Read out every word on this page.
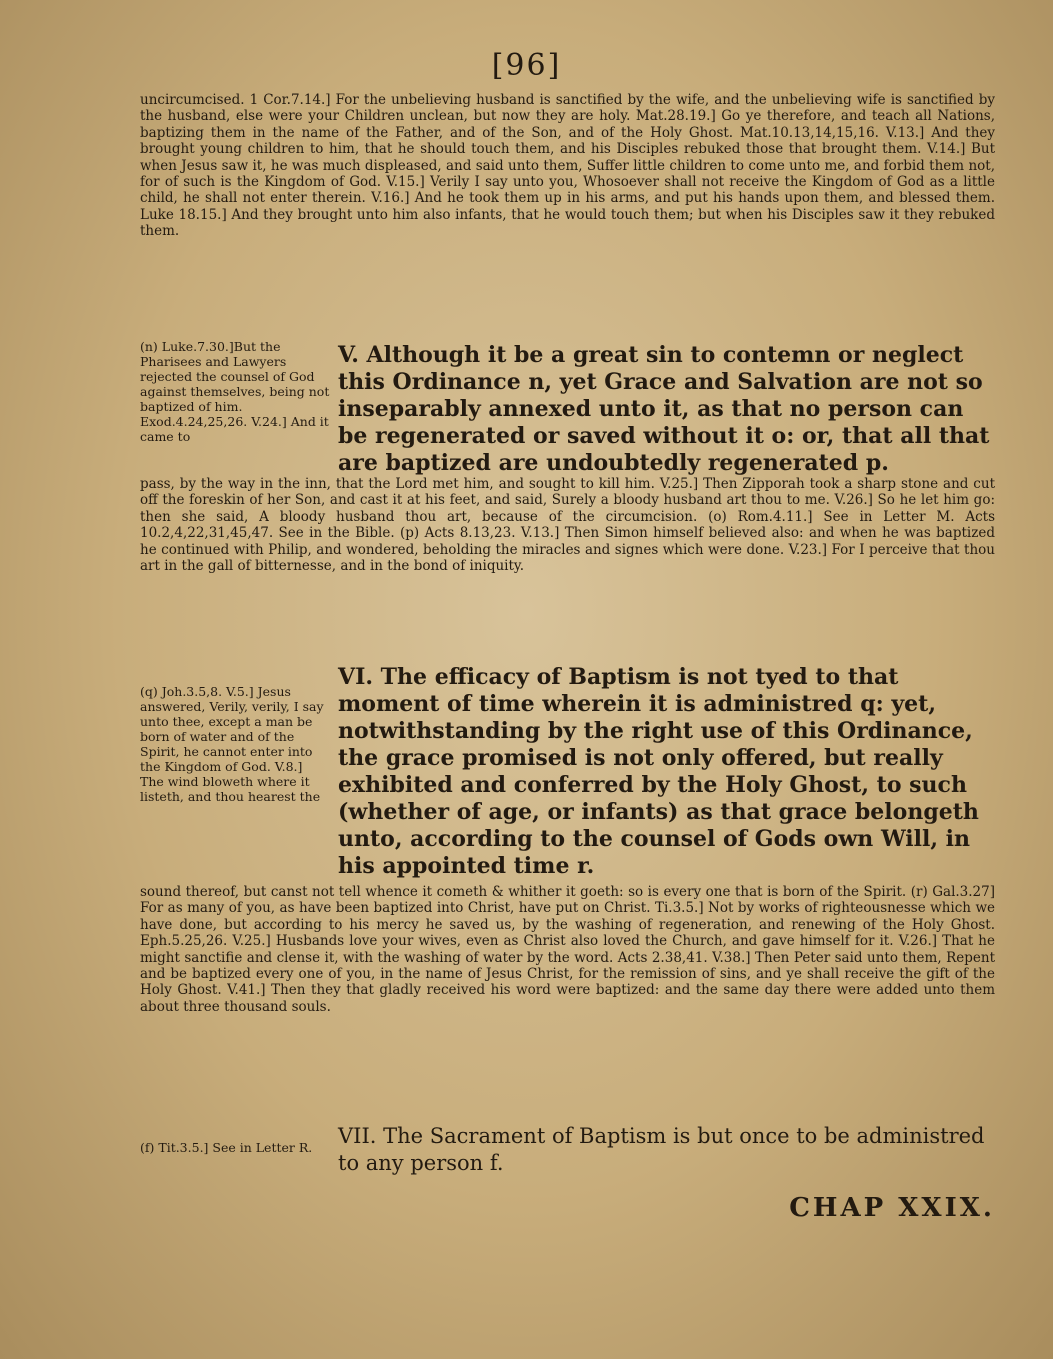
[96]
uncircumcised. 1 Cor.7.14.] For the unbelieving husband is sanctified by the wife, and the unbelieving wife is sanctified by the husband, else were your Children unclean, but now they are holy. Mat.28.19.] Go ye therefore, and teach all Nations, baptizing them in the name of the Father, and of the Son, and of the Holy Ghost. Mat.10.13,14,15,16. V.13.] And they brought young children to him, that he should touch them, and his Disciples rebuked those that brought them. V.14.] But when Jesus saw it, he was much displeased, and said unto them, Suffer little children to come unto me, and forbid them not, for of such is the Kingdom of God. V.15.] Verily I say unto you, Whosoever shall not receive the Kingdom of God as a little child, he shall not enter therein. V.16.] And he took them up in his arms, and put his hands upon them, and blessed them. Luke 18.15.] And they brought unto him also infants, that he would touch them; but when his Disciples saw it they rebuked them.
(n) Luke.7.30.]But the Pharisees and Lawyers rejected the counsel of God against themselves, being not baptized of him. Exod.4.24,25,26. V.24.] And it came to
V. Although it be a great sin to contemn or neglect this Ordinance n, yet Grace and Salvation are not so inseparably annexed unto it, as that no person can be regenerated or saved without it o: or, that all that are baptized are undoubtedly regenerated p.
pass, by the way in the inn, that the Lord met him, and sought to kill him. V.25.] Then Zipporah took a sharp stone and cut off the foreskin of her Son, and cast it at his feet, and said, Surely a bloody husband art thou to me. V.26.] So he let him go: then she said, A bloody husband thou art, because of the circumcision. (o) Rom.4.11.] See in Letter M. Acts 10.2,4,22,31,45,47. See in the Bible. (p) Acts 8.13,23. V.13.] Then Simon himself believed also: and when he was baptized he continued with Philip, and wondered, beholding the miracles and signes which were done. V.23.] For I perceive that thou art in the gall of bitternesse, and in the bond of iniquity.
(q) Joh.3.5,8. V.5.] Jesus answered, Verily, verily, I say unto thee, except a man be born of water and of the Spirit, he cannot enter into the Kingdom of God. V.8.] The wind bloweth where it listeth, and thou hearest the
VI. The efficacy of Baptism is not tyed to that moment of time wherein it is administred q: yet, notwithstanding by the right use of this Ordinance, the grace promised is not only offered, but really exhibited and conferred by the Holy Ghost, to such (whether of age, or infants) as that grace belongeth unto, according to the counsel of Gods own Will, in his appointed time r.
sound thereof, but canst not tell whence it cometh & whither it goeth: so is every one that is born of the Spirit. (r) Gal.3.27] For as many of you, as have been baptized into Christ, have put on Christ. Ti.3.5.] Not by works of righteousnesse which we have done, but according to his mercy he saved us, by the washing of regeneration, and renewing of the Holy Ghost. Eph.5.25,26. V.25.] Husbands love your wives, even as Christ also loved the Church, and gave himself for it. V.26.] That he might sanctifie and clense it, with the washing of water by the word. Acts 2.38,41. V.38.] Then Peter said unto them, Repent and be baptized every one of you, in the name of Jesus Christ, for the remission of sins, and ye shall receive the gift of the Holy Ghost. V.41.] Then they that gladly received his word were baptized: and the same day there were added unto them about three thousand souls.
(f) Tit.3.5.] See in Letter R.	VII. The Sacrament of Baptism is but once to be administred to any person f.
CHAP XXIX.
